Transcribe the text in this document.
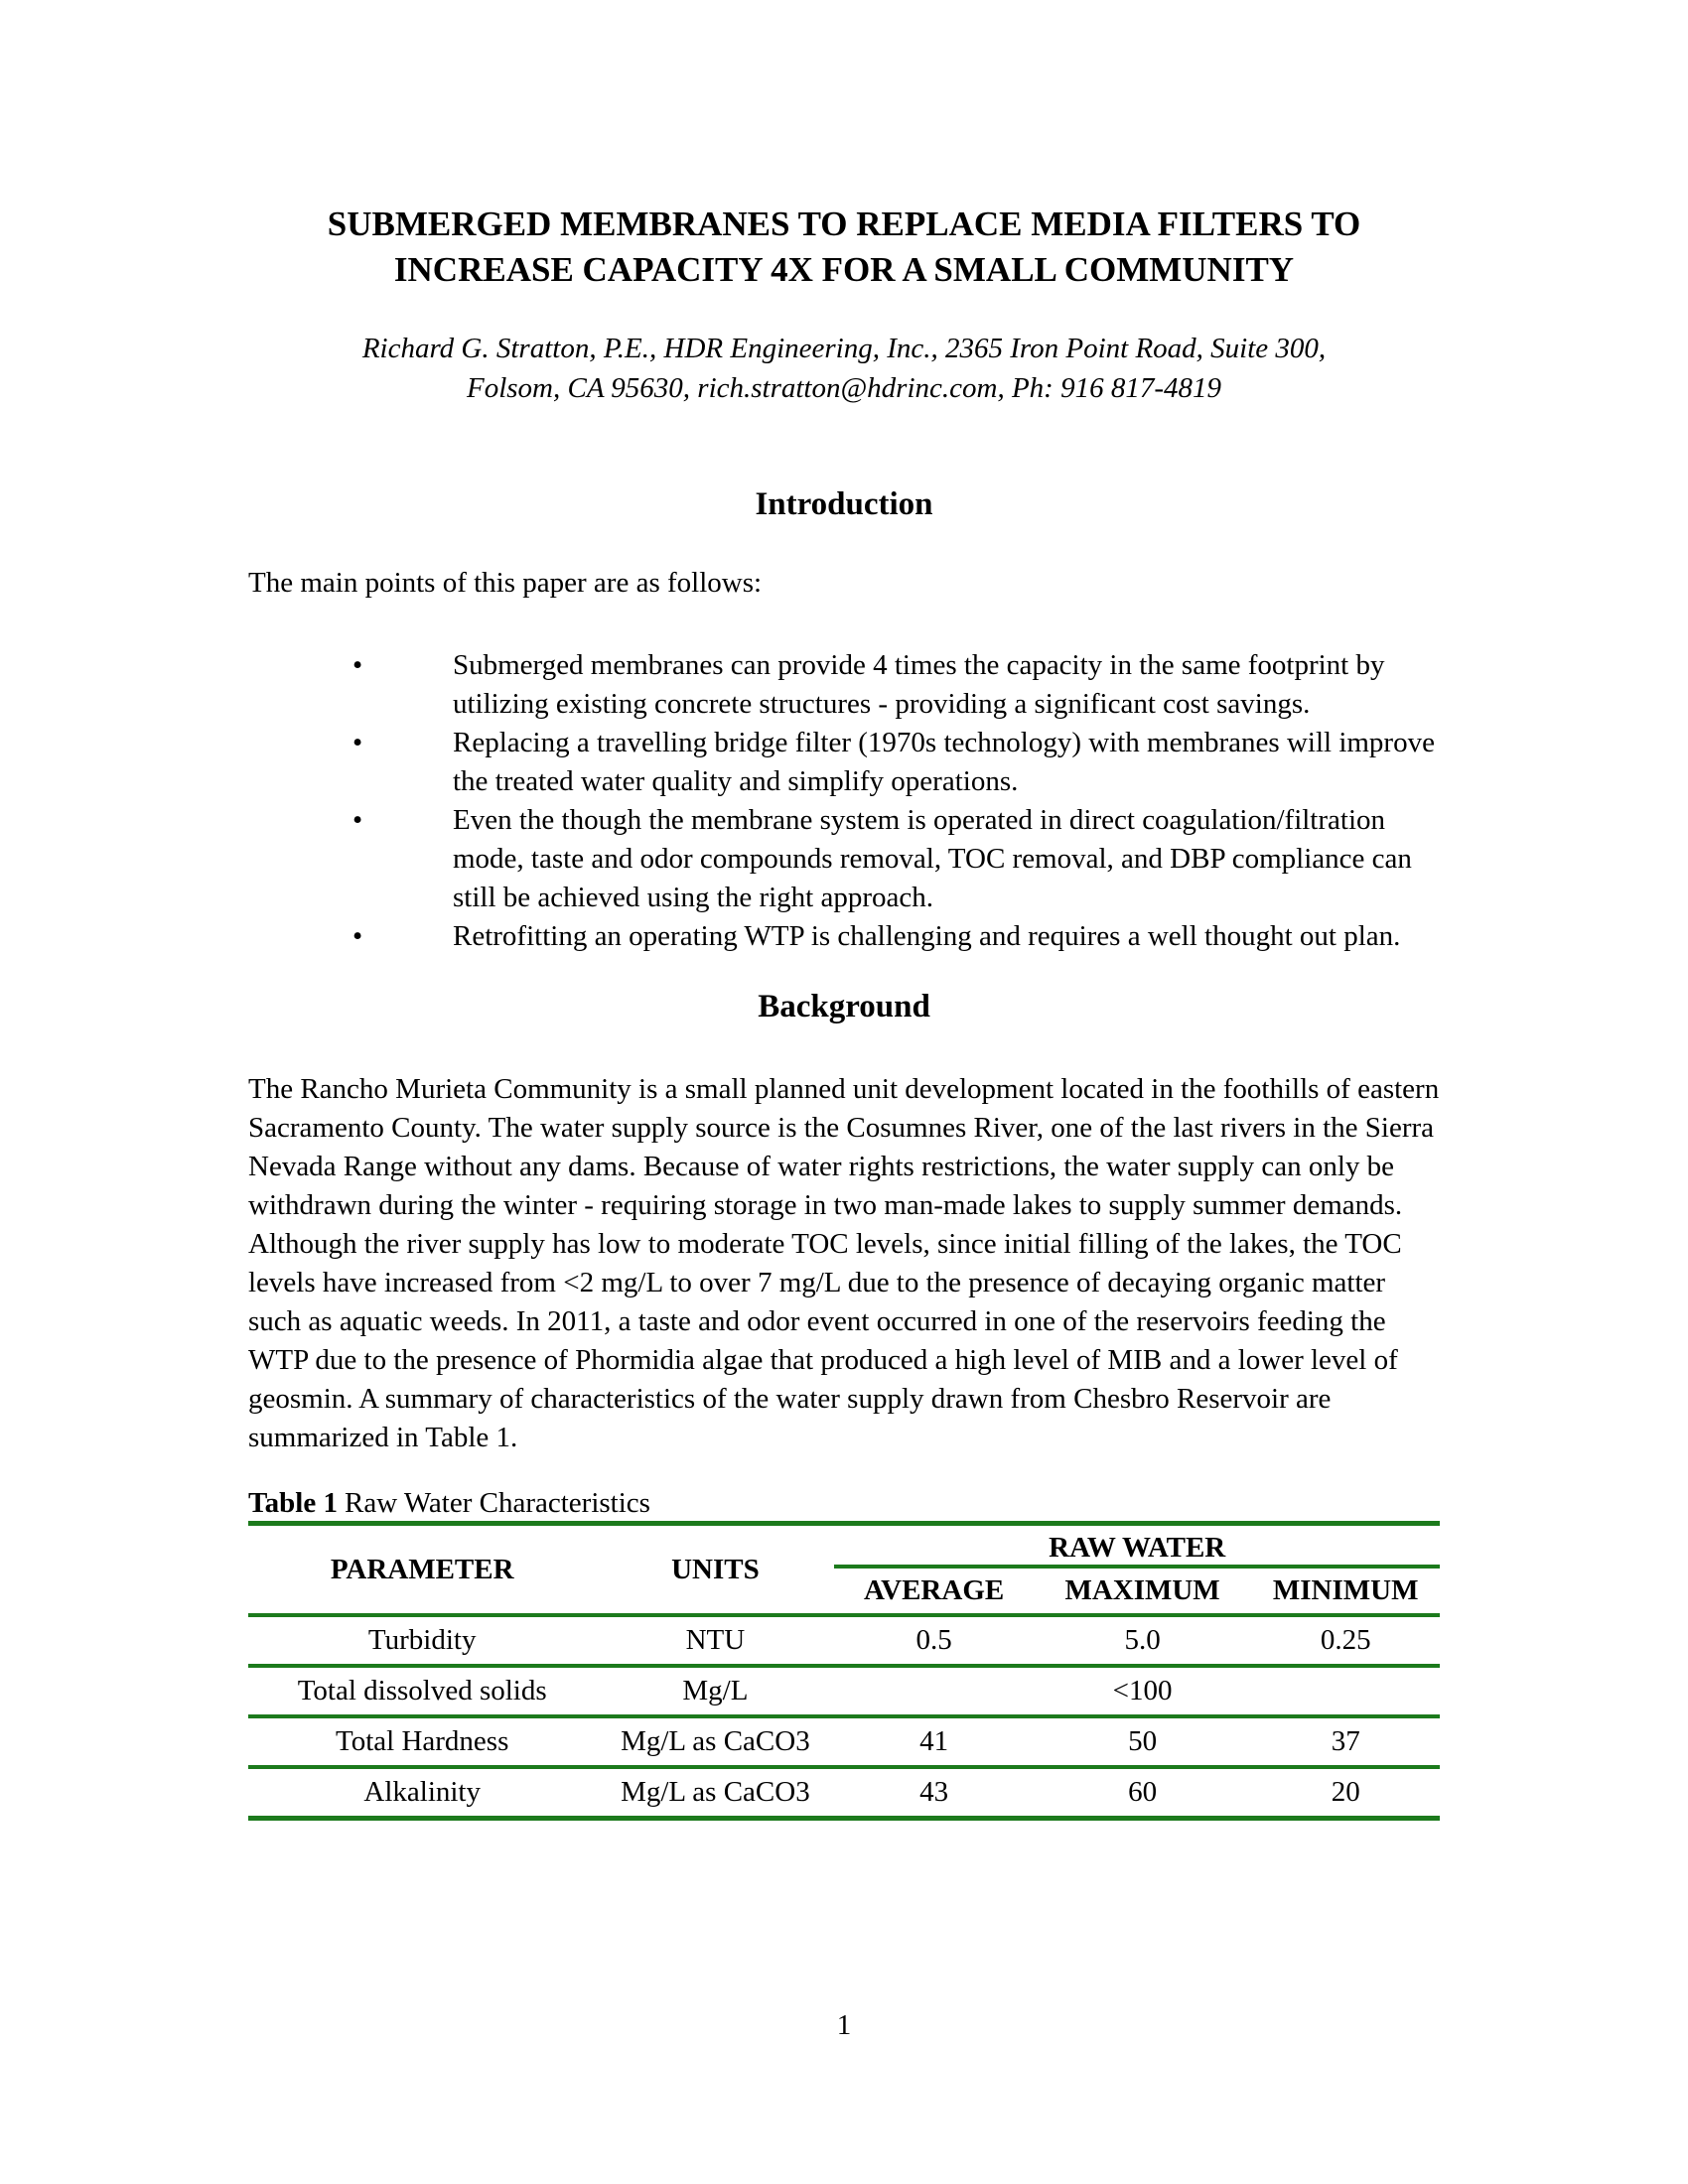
SUBMERGED MEMBRANES TO REPLACE MEDIA FILTERS TO INCREASE CAPACITY 4X FOR A SMALL COMMUNITY
Richard G. Stratton, P.E., HDR Engineering, Inc., 2365 Iron Point Road, Suite 300,
Folsom, CA 95630, rich.stratton@hdrinc.com, Ph: 916 817-4819
Introduction
The main points of this paper are as follows:
• Submerged membranes can provide 4 times the capacity in the same footprint by utilizing existing concrete structures - providing a significant cost savings.
• Replacing a travelling bridge filter (1970s technology) with membranes will improve the treated water quality and simplify operations.
• Even the though the membrane system is operated in direct coagulation/filtration mode, taste and odor compounds removal, TOC removal, and DBP compliance can still be achieved using the right approach.
• Retrofitting an operating WTP is challenging and requires a well thought out plan.
Background
The Rancho Murieta Community is a small planned unit development located in the foothills of eastern Sacramento County. The water supply source is the Cosumnes River, one of the last rivers in the Sierra Nevada Range without any dams. Because of water rights restrictions, the water supply can only be withdrawn during the winter - requiring storage in two man-made lakes to supply summer demands. Although the river supply has low to moderate TOC levels, since initial filling of the lakes, the TOC levels have increased from <2 mg/L to over 7 mg/L due to the presence of decaying organic matter such as aquatic weeds. In 2011, a taste and odor event occurred in one of the reservoirs feeding the WTP due to the presence of Phormidia algae that produced a high level of MIB and a lower level of geosmin. A summary of characteristics of the water supply drawn from Chesbro Reservoir are summarized in Table 1.
Table 1 Raw Water Characteristics
PARAMETER	UNITS	RAW WATER		
		AVERAGE	MAXIMUM	MINIMUM
Turbidity	NTU	0.5	5.0	0.25
Total dissolved solids	Mg/L		<100	
Total Hardness	Mg/L as CaCO3	41	50	37
Alkalinity	Mg/L as CaCO3	43	60	20
1
